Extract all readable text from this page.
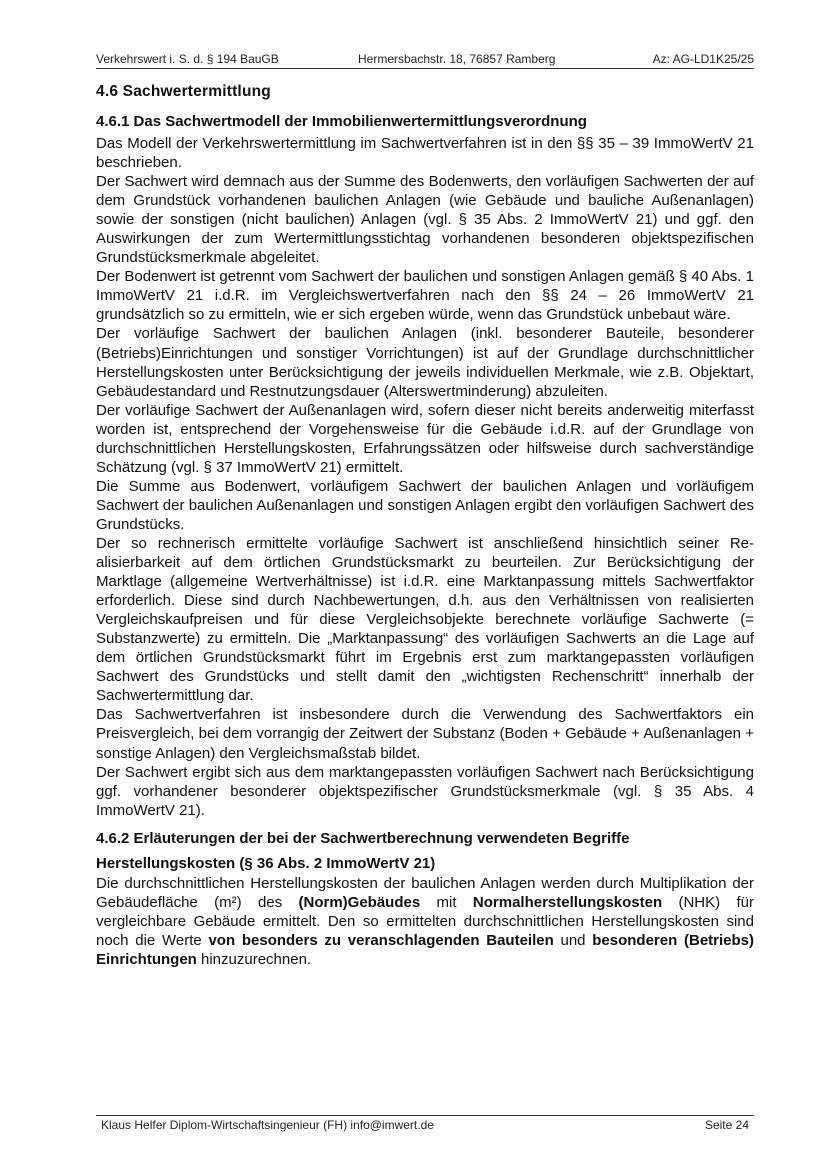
Verkehrswert i. S. d. § 194 BauGB	Hermersbachstr. 18, 76857 Ramberg	Az: AG-LD1K25/25
4.6 Sachwertermittlung
4.6.1 Das Sachwertmodell der Immobilienwertermittlungsverordnung

Das Modell der Verkehrswertermittlung im Sachwertverfahren ist in den §§ 35 – 39 ImmoWertV 21 beschrieben.

Der Sachwert wird demnach aus der Summe des Bodenwerts, den vorläufigen Sachwerten der auf dem Grundstück vorhandenen baulichen Anlagen (wie Gebäude und bauliche Außenanlagen) sowie der sonstigen (nicht baulichen) Anlagen (vgl. § 35 Abs. 2 ImmoWertV 21) und ggf. den Auswirkungen der zum Wertermittlungsstichtag vorhandenen besonderen objektspezifischen Grundstücksmerkmale abgeleitet.

Der Bodenwert ist getrennt vom Sachwert der baulichen und sonstigen Anlagen gemäß § 40 Abs. 1 ImmoWertV 21 i.d.R. im Vergleichswertverfahren nach den §§ 24 – 26 ImmoWertV 21 grundsätzlich so zu ermitteln, wie er sich ergeben würde, wenn das Grundstück unbebaut wäre.

Der vorläufige Sachwert der baulichen Anlagen (inkl. besonderer Bauteile, besonderer (Betriebs)Einrichtungen und sonstiger Vorrichtungen) ist auf der Grundlage durchschnittlicher Herstellungskosten unter Berücksichtigung der jeweils individuellen Merkmale, wie z.B. Objektart, Gebäudestandard und Restnutzungsdauer (Alterswertminderung) abzuleiten.

Der vorläufige Sachwert der Außenanlagen wird, sofern dieser nicht bereits anderweitig miterfasst worden ist, entsprechend der Vorgehensweise für die Gebäude i.d.R. auf der Grundlage von durchschnittlichen Herstellungskosten, Erfahrungssätzen oder hilfsweise durch sachverständige Schätzung (vgl. § 37 ImmoWertV 21) ermittelt.

Die Summe aus Bodenwert, vorläufigem Sachwert der baulichen Anlagen und vorläufigem Sachwert der baulichen Außenanlagen und sonstigen Anlagen ergibt den vorläufigen Sachwert des Grundstücks.

Der so rechnerisch ermittelte vorläufige Sachwert ist anschließend hinsichtlich seiner Realisierbarkeit auf dem örtlichen Grundstücksmarkt zu beurteilen. Zur Berücksichtigung der Marktlage (allgemeine Wertverhältnisse) ist i.d.R. eine Marktanpassung mittels Sachwertfaktor erforderlich. Diese sind durch Nachbewertungen, d.h. aus den Verhältnissen von realisierten Vergleichskaufpreisen und für diese Vergleichsobjekte berechnete vorläufige Sachwerte (= Substanzwerte) zu ermitteln. Die „Marktanpassung“ des vorläufigen Sachwerts an die Lage auf dem örtlichen Grundstücksmarkt führt im Ergebnis erst zum marktangepassten vorläufigen Sachwert des Grundstücks und stellt damit den „wichtigsten Rechenschritt“ innerhalb der Sachwertermittlung dar.

Das Sachwertverfahren ist insbesondere durch die Verwendung des Sachwertfaktors ein Preisvergleich, bei dem vorrangig der Zeitwert der Substanz (Boden + Gebäude + Außenanlagen + sonstige Anlagen) den Vergleichsmaßstab bildet.

Der Sachwert ergibt sich aus dem marktangepassten vorläufigen Sachwert nach Berücksichtigung ggf. vorhandener besonderer objektspezifischer Grundstücksmerkmale (vgl. § 35 Abs. 4 ImmoWertV 21).

4.6.2 Erläuterungen der bei der Sachwertberechnung verwendeten Begriffe
Herstellungskosten (§ 36 Abs. 2 ImmoWertV 21)

Die durchschnittlichen Herstellungskosten der baulichen Anlagen werden durch Multiplikation der Gebäudefläche (m²) des (Norm)Gebäudes mit Normalherstellungskosten (NHK) für vergleichbare Gebäude ermittelt. Den so ermittelten durchschnittlichen Herstellungskosten sind noch die Werte von besonders zu veranschlagenden Bauteilen und besonderen (Betriebs) Einrichtungen hinzuzurechnen.

Klaus Helfer Diplom-Wirtschaftsingenieur (FH) info@imwert.de	Seite 24
